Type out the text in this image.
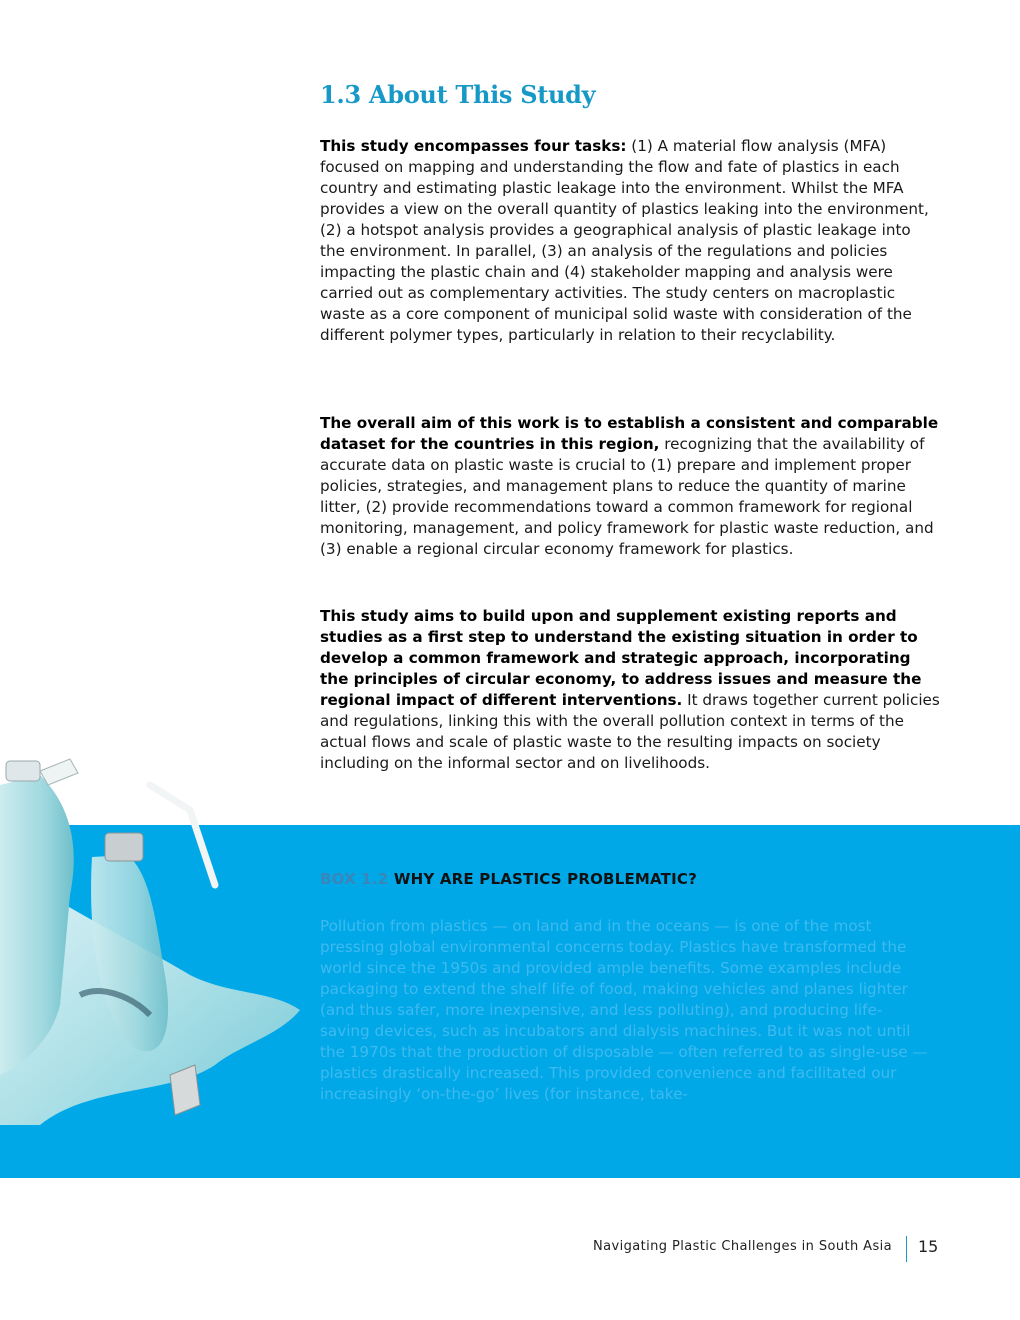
1.3 About This Study

This study encompasses four tasks: (1) A material flow analysis (MFA) focused on mapping and understanding the flow and fate of plastics in each country and estimating plastic leakage into the environment. Whilst the MFA provides a view on the overall quantity of plastics leaking into the environment, (2) a hotspot analysis provides a geographical analysis of plastic leakage into the environment. In parallel, (3) an analysis of the regulations and policies impacting the plastic chain and (4) stakeholder mapping and analysis were carried out as complementary activities. The study centers on macroplastic waste as a core component of municipal solid waste with consideration of the different polymer types, particularly in relation to their recyclability.

The overall aim of this work is to establish a consistent and comparable dataset for the countries in this region, recognizing that the availability of accurate data on plastic waste is crucial to (1) prepare and implement proper policies, strategies, and management plans to reduce the quantity of marine litter, (2) provide recommendations toward a common framework for regional monitoring, management, and policy framework for plastic waste reduction, and (3) enable a regional circular economy framework for plastics.

This study aims to build upon and supplement existing reports and studies as a first step to understand the existing situation in order to develop a common framework and strategic approach, incorporating the principles of circular economy, to address issues and measure the regional impact of different interventions. It draws together current policies and regulations, linking this with the overall pollution context in terms of the actual flows and scale of plastic waste to the resulting impacts on society including on the informal sector and on livelihoods.

BOX 1.2 WHY ARE PLASTICS PROBLEMATIC?

Pollution from plastics — on land and in the oceans — is one of the most pressing global environmental concerns today. Plastics have transformed the world since the 1950s and provided ample benefits. Some examples include packaging to extend the shelf life of food, making vehicles and planes lighter (and thus safer, more inexpensive, and less polluting), and producing life-saving devices, such as incubators and dialysis machines. But it was not until the 1970s that the production of disposable — often referred to as single-use — plastics drastically increased. This provided convenience and facilitated our increasingly ‘on-the-go’ lives (for instance, take-

Navigating Plastic Challenges in South Asia 15
